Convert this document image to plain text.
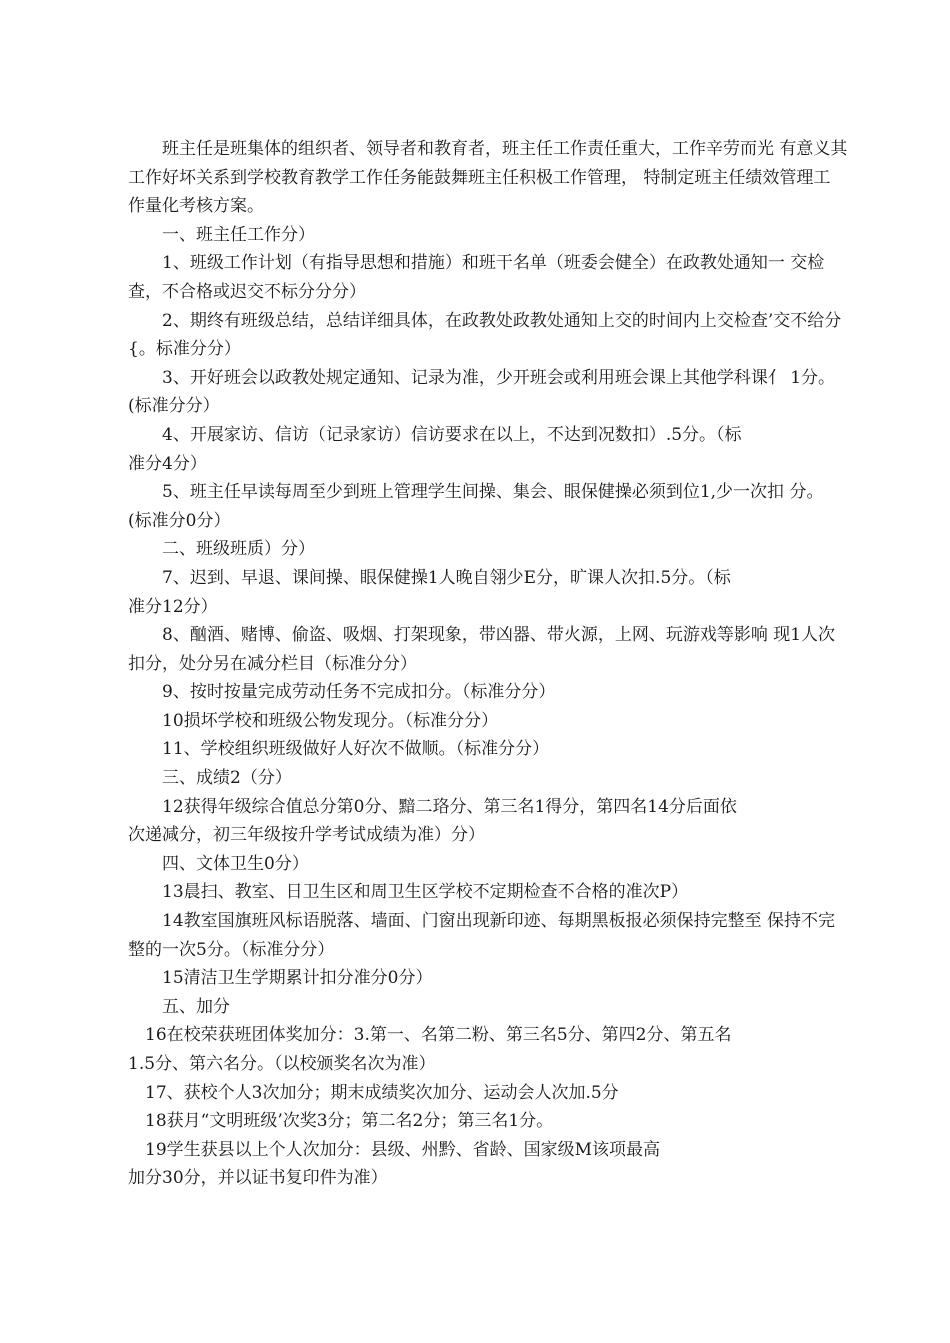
班主任是班集体的组织者、领导者和教育者，班主任工作责任重大，工作辛劳而光 有意义其
工作好坏关系到学校教育教学工作任务能鼓舞班主任积极工作管理， 特制定班主任绩效管理工
作量化考核方案。
一、班主任工作分）
1、班级工作计划（有指导思想和措施）和班干名单（班委会健全）在政教处通知一 交检
查，不合格或迟交不标分分分）
2、期终有班级总结，总结详细具体，在政教处政教处通知上交的时间内上交检查’交不给分
{。标准分分）
3、开好班会以政教处规定通知、记录为准，少开班会或利用班会课上其他学科课亻 1分。
(标准分分）
4、开展家访、信访（记录家访）信访要求在以上，不达到况数扣）.5分。（标
准分4分）
5、班主任早读每周至少到班上管理学生间操、集会、眼保健操必须到位1,少一次扣 分。
(标准分0分）
二、班级班质）分）
7、迟到、早退、课间操、眼保健操1人晚自翎少E分，旷课人次扣.5分。（标
准分12分）
8、酗酒、赌博、偷盗、吸烟、打架现象，带凶器、带火源，上网、玩游戏等影响 现1人次
扣分，处分另在减分栏目（标准分分）
9、按时按量完成劳动任务不完成扣分。（标准分分）
10损坏学校和班级公物发现分。（标准分分）
11、学校组织班级做好人好次不做顺。（标准分分）
三、成绩2（分）
12获得年级综合值总分第0分、黯二珞分、第三名1得分，第四名14分后面依
次递减分，初三年级按升学考试成绩为准）分）
四、文体卫生0分）
13晨扫、教室、日卫生区和周卫生区学校不定期检查不合格的准次P）
14教室国旗班风标语脱落、墙面、门窗出现新印迹、每期黑板报必须保持完整至 保持不完
整的一次5分。（标准分分）
15清洁卫生学期累计扣分准分0分）
五、加分
16在校荣获班团体奖加分：3.第一、名第二粉、第三名5分、第四2分、第五名
1.5分、第六名分。（以校颁奖名次为准）
17、获校个人3次加分；期末成绩奖次加分、运动会人次加.5分
18获月“文明班级’次奖3分；第二名2分；第三名1分。
19学生获县以上个人次加分：县级、州黔、省龄、国家级M该项最高
加分30分，并以证书复印件为准）
